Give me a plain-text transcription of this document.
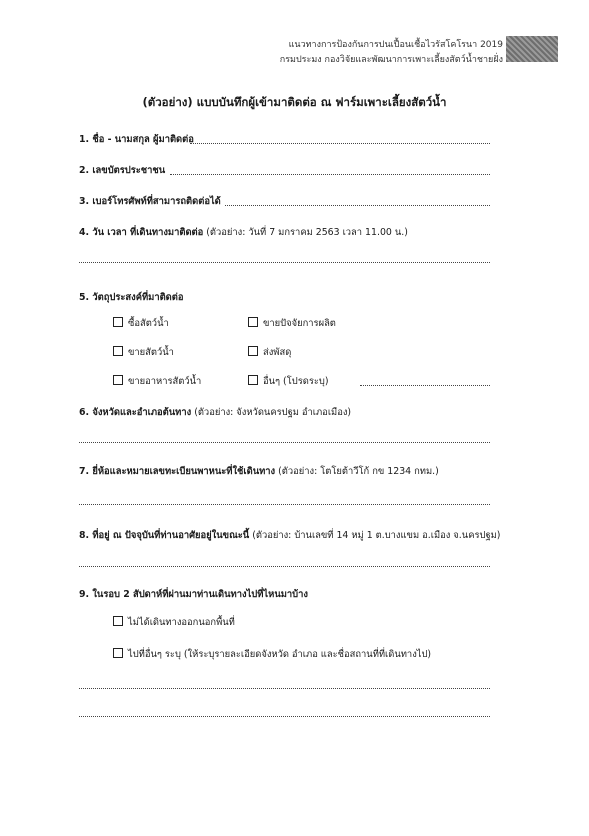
แนวทางการป้องกันการปนเปื้อนเชื้อไวรัสโคโรนา 2019
กรมประมง กองวิจัยและพัฒนาการเพาะเลี้ยงสัตว์น้ำชายฝั่ง
(ตัวอย่าง) แบบบันทึกผู้เข้ามาติดต่อ ณ ฟาร์มเพาะเลี้ยงสัตว์น้ำ
1. ชื่อ - นามสกุล ผู้มาติดต่อ
2. เลขบัตรประชาชน
3. เบอร์โทรศัพท์ที่สามารถติดต่อได้
4. วัน เวลา ที่เดินทางมาติดต่อ (ตัวอย่าง: วันที่ 7 มกราคม 2563 เวลา 11.00 น.)
5. วัตถุประสงค์ที่มาติดต่อ
ซื้อสัตว์น้ำ	ขายปัจจัยการผลิต
ขายสัตว์น้ำ	ส่งพัสดุ
ขายอาหารสัตว์น้ำ	อื่นๆ (โปรดระบุ)
6. จังหวัดและอำเภอต้นทาง (ตัวอย่าง: จังหวัดนครปฐม อำเภอเมือง)
7. ยี่ห้อและหมายเลขทะเบียนพาหนะที่ใช้เดินทาง (ตัวอย่าง: โตโยต้าวีโก้ กข 1234 กทม.)
8. ที่อยู่ ณ ปัจจุบันที่ท่านอาศัยอยู่ในขณะนี้ (ตัวอย่าง: บ้านเลขที่ 14 หมู่ 1 ต.บางแขม อ.เมือง จ.นครปฐม)
9. ในรอบ 2 สัปดาห์ที่ผ่านมาท่านเดินทางไปที่ไหนมาบ้าง
ไม่ได้เดินทางออกนอกพื้นที่
ไปที่อื่นๆ ระบุ (ให้ระบุรายละเอียดจังหวัด อำเภอ และชื่อสถานที่ที่เดินทางไป)
